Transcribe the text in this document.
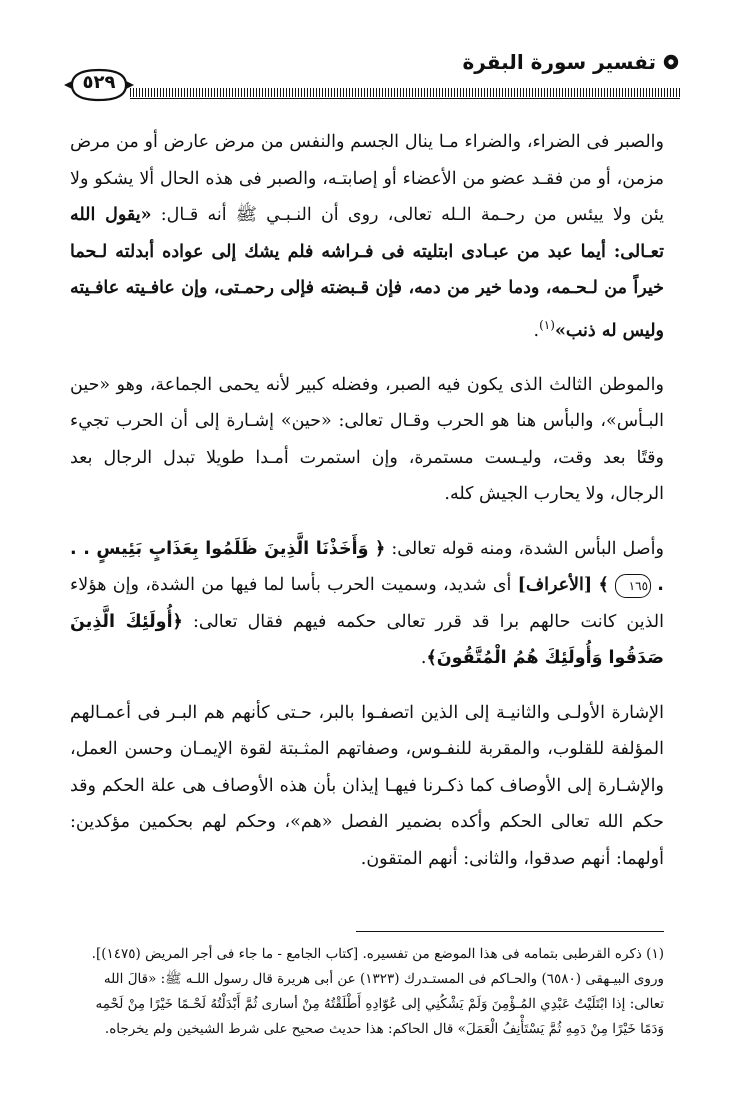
تفسير سورة البقرة
٥٢٩

والصبر فى الضراء، والضراء مـا ينال الجسم والنفس من مرض عارض أو من مرض مزمن، أو من فقـد عضو من الأعضاء أو إصابتـه، والصبر فى هذه الحال ألا يشكو ولا يئن ولا ييئس من رحـمة الـله تعالى، روى أن النـبـي ﷺ أنه قـال: «يقول الله تعـالى: أيما عبد من عبـادى ابتليته فى فـراشه فلم يشك إلى عواده أبدلته لـحما خيراً من لـحـمه، ودما خير من دمه، فإن قـبضته فإلى رحمـتى، وإن عافـيته عافـيته وليس له ذنب»$^{(١)}$.

والموطن الثالث الذى يكون فيه الصبر، وفضله كبير لأنه يحمى الجماعة، وهو «حين البـأس»، والبأس هنا هو الحرب وقـال تعالى: «حين» إشـارة إلى أن الحرب تجيء وقتًا بعد وقت، وليـست مستمرة، وإن استمرت أمـدا طويلا تبدل الرجال بعد الرجال، ولا يحارب الجيش كله.

وأصل البأس الشدة، ومنه قوله تعالى: ﴿ وَأَخَذْنَا الَّذِينَ ظَلَمُوا بِعَذَابٍ بَئِيسٍ . . . ١٦٥ ﴾ [الأعراف] أى شديد، وسميت الحرب بأسا لما فيها من الشدة، وإن هؤلاء الذين كانت حالهم برا قد قرر تعالى حكمه فيهم فقال تعالى: ﴿أُولَئِكَ الَّذِينَ صَدَقُوا وَأُولَئِكَ هُمُ الْمُتَّقُونَ﴾.

الإشارة الأولـى والثانيـة إلى الذين اتصفـوا بالبر، حـتى كأنهم هم البـر فى أعمـالهم المؤلفة للقلوب، والمقربة للنفـوس، وصفاتهم المثـبتة لقوة الإيمـان وحسن العمل، والإشـارة إلى الأوصاف كما ذكـرنا فيهـا إيذان بأن هذه الأوصاف هى علة الحكم وقد حكم الله تعالى الحكم وأكده بضمير الفصل «هم»، وحكم لهم بحكمين مؤكدين: أولهما: أنهم صدقوا، والثانى: أنهم المتقون.

(١) ذكره القرطبى بتمامه فى هذا الموضع من تفسيره. [كتاب الجامع - ما جاء فى أجر المريض (١٤٧٥)].

وروى البيـهقى (٦٥٨٠) والحـاكم فى المستـدرك (١٣٢٣) عن أبى هريرة قال رسول اللـه ﷺ: «قالَ الله

تعالى: إذا ابْتَلَيْتُ عَبْدِي المُـؤْمِنَ وَلَمْ يَشْكُنِي إلى عُوّادِهِ أَطْلَقْتُهُ مِنْ أسارى ثُمَّ أَبْدَلْتُهُ لَحْـمًا خَيْرًا مِنْ لَحْمِه

وَدَمًا خَيْرًا مِنْ دَمِهِ ثُمَّ يَسْتَأْنِفُ الْعَمَلَ» قال الحاكم: هذا حديث صحيح على شرط الشيخين ولم يخرجاه.
